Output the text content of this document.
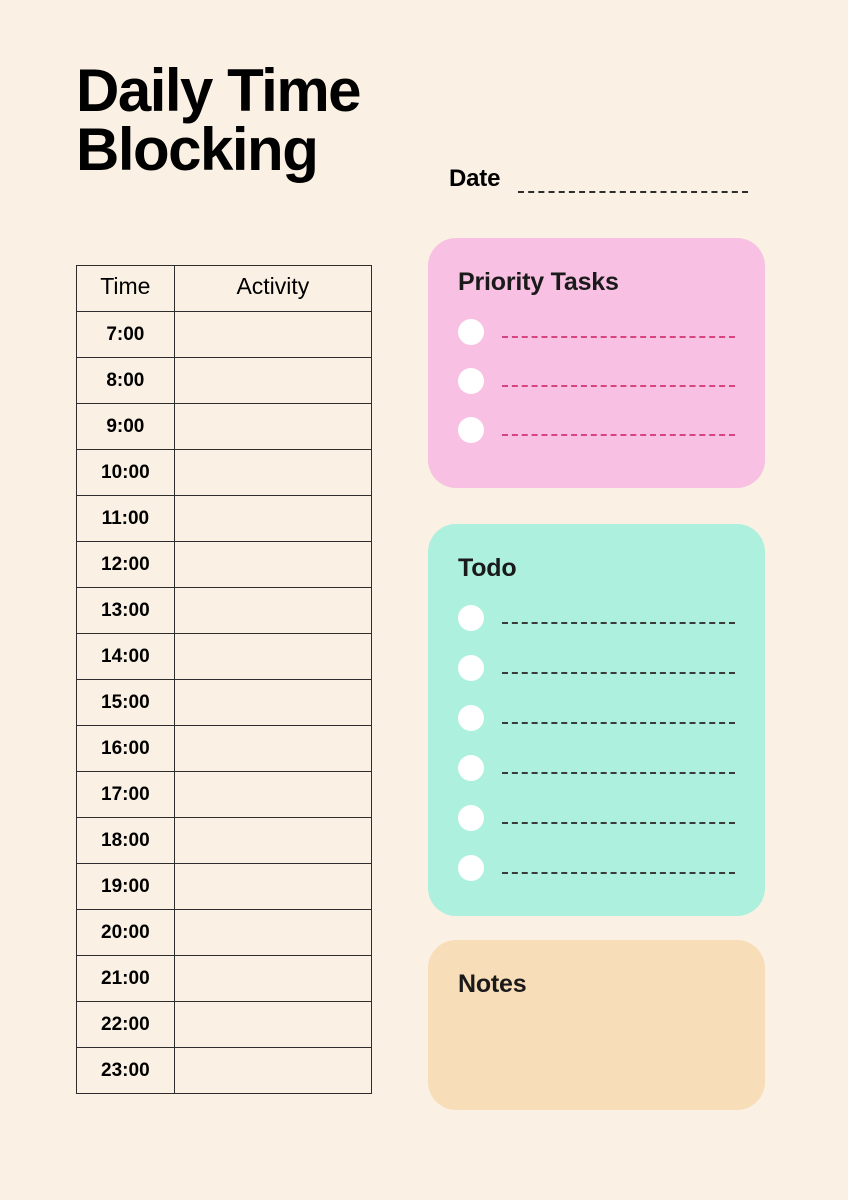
Daily Time
Blocking	Date
Time	Activity
7:00	
8:00	
9:00	
10:00	
11:00	
12:00	
13:00	
14:00	
15:00	
16:00	
17:00	
18:00	
19:00	
20:00	
21:00	
22:00	
23:00	
Priority Tasks
Todo
Notes
